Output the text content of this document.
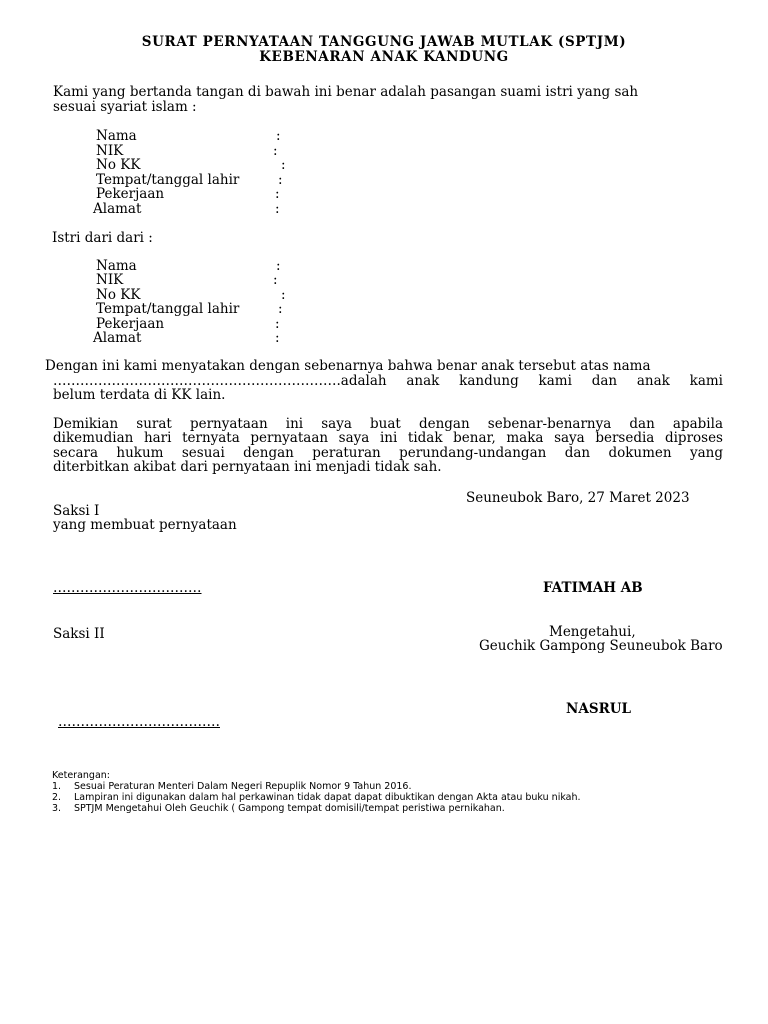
SURAT PERNYATAAN TANGGUNG JAWAB MUTLAK (SPTJM)
KEBENARAN ANAK KANDUNG
Kami yang bertanda tangan di bawah ini benar adalah pasangan suami istri yang sah
sesuai syariat islam :
Nama	:
NIK	:
No KK	:
Tempat/tanggal lahir	:
Pekerjaan	:
Alamat	:
Istri dari dari :
Nama	:
NIK	:
No KK	:
Tempat/tanggal lahir	:
Pekerjaan	:
Alamat	:
Dengan ini kami menyatakan dengan sebenarnya bahwa benar anak tersebut atas nama
……………………………………………………….adalah anak kandung kami dan anak kami
belum terdata di KK lain.
Demikian surat pernyataan ini saya buat dengan sebenar-benarnya dan apabila
dikemudian hari ternyata pernyataan saya ini tidak benar, maka saya bersedia diproses
secara hukum sesuai dengan peraturan perundang-undangan dan dokumen yang
diterbitkan akibat dari pernyataan ini menjadi tidak sah.
Seuneubok Baro, 27 Maret 2023
Saksi I
yang membuat pernyataan
……………………………	FATIMAH AB
Saksi II	Mengetahui,
Geuchik Gampong Seuneubok Baro
NASRUL
………………………………
Keterangan:
1. Sesuai Peraturan Menteri Dalam Negeri Repuplik Nomor 9 Tahun 2016.
2. Lampiran ini digunakan dalam hal perkawinan tidak dapat dapat dibuktikan dengan Akta atau buku nikah.
3. SPTJM Mengetahui Oleh Geuchik ( Gampong tempat domisili/tempat peristiwa pernikahan.
